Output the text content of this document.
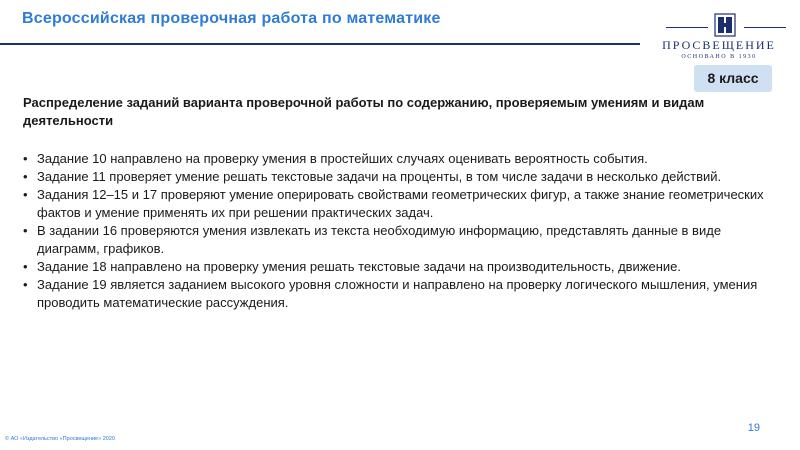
Всероссийская проверочная работа по математике
ПРОСВЕЩЕНИЕ
ОСНОВАНО В 1930
8 класс
Распределение заданий варианта проверочной работы по содержанию, проверяемым умениям и видам деятельности
• Задание 10 направлено на проверку умения в простейших случаях оценивать вероятность события.
• Задание 11 проверяет умение решать текстовые задачи на проценты, в том числе задачи в несколько действий.
• Задания 12–15 и 17 проверяют умение оперировать свойствами геометрических фигур, а также знание геометрических фактов и умение применять их при решении практических задач.
• В задании 16 проверяются умения извлекать из текста необходимую информацию, представлять данные в виде диаграмм, графиков.
• Задание 18 направлено на проверку умения решать текстовые задачи на производительность, движение.
• Задание 19 является заданием высокого уровня сложности и направлено на проверку логического мышления, умения проводить математические рассуждения.
19
© АО «Издательство «Просвещение» 2020
